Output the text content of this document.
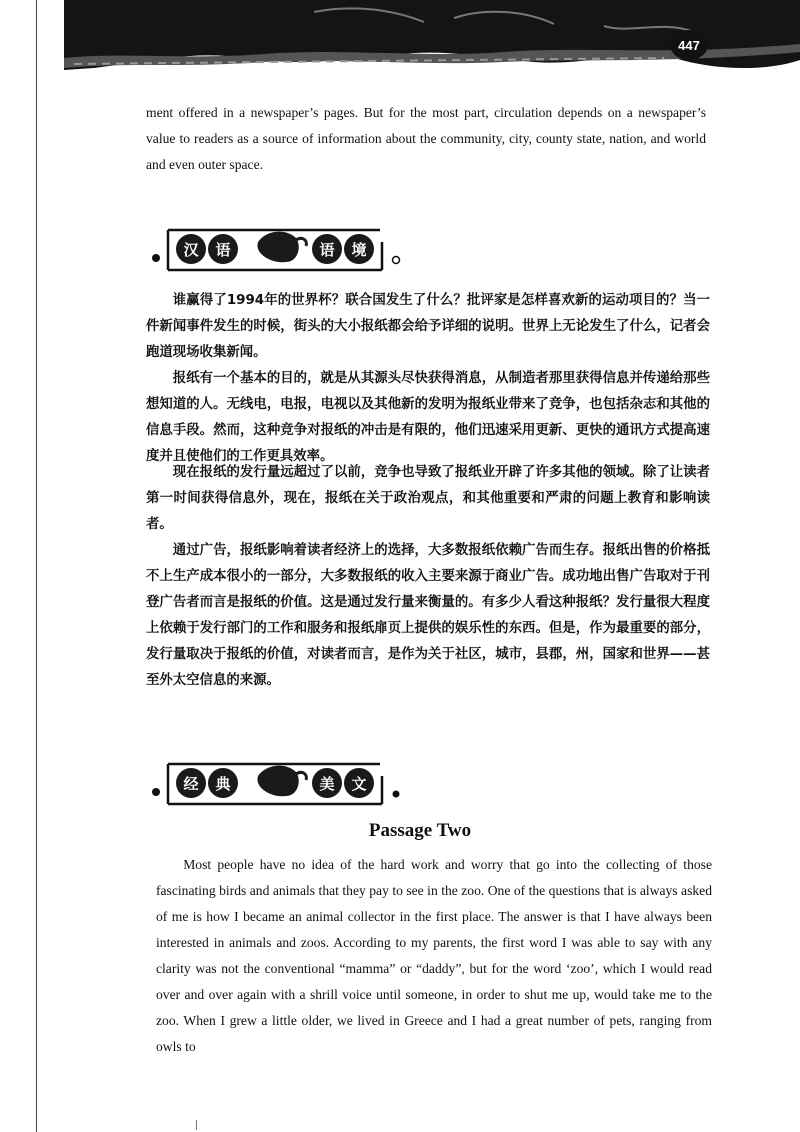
447

ment offered in a newspaper’s pages. But for the most part, circulation depends on a newspaper’s value to readers as a source of information about the community, city, county state, nation, and world and even outer space.

汉	语	语	境

谁赢得了1994年的世界杯？联合国发生了什么？批评家是怎样喜欢新的运动项目的？当一件新闻事件发生的时候，街头的大小报纸都会给予详细的说明。世界上无论发生了什么，记者会跑道现场收集新闻。

报纸有一个基本的目的，就是从其源头尽快获得消息，从制造者那里获得信息并传递给那些想知道的人。无线电，电报，电视以及其他新的发明为报纸业带来了竞争，也包括杂志和其他的信息手段。然而，这种竞争对报纸的冲击是有限的，他们迅速采用更新、更快的通讯方式提高速度并且使他们的工作更具效率。

现在报纸的发行量远超过了以前，竞争也导致了报纸业开辟了许多其他的领域。除了让读者第一时间获得信息外，现在，报纸在关于政治观点，和其他重要和严肃的问题上教育和影响读者。

通过广告，报纸影响着读者经济上的选择，大多数报纸依赖广告而生存。报纸出售的价格抵不上生产成本很小的一部分，大多数报纸的收入主要来源于商业广告。成功地出售广告取对于刊登广告者而言是报纸的价值。这是通过发行量来衡量的。有多少人看这种报纸？发行量很大程度上依赖于发行部门的工作和服务和报纸扉页上提供的娱乐性的东西。但是，作为最重要的部分，发行量取决于报纸的价值，对读者而言，是作为关于社区，城市，县郡，州，国家和世界——甚至外太空信息的来源。

经	典	美	文
Passage Two

Most people have no idea of the hard work and worry that go into the collecting of those fascinating birds and animals that they pay to see in the zoo. One of the questions that is always asked of me is how I became an animal collector in the first place. The answer is that I have always been interested in animals and zoos. According to my parents, the first word I was able to say with any clarity was not the conventional “mamma” or “daddy”, but for the word ‘zoo’, which I would read over and over again with a shrill voice until someone, in order to shut me up, would take me to the zoo. When I grew a little older, we lived in Greece and I had a great number of pets, ranging from owls to
